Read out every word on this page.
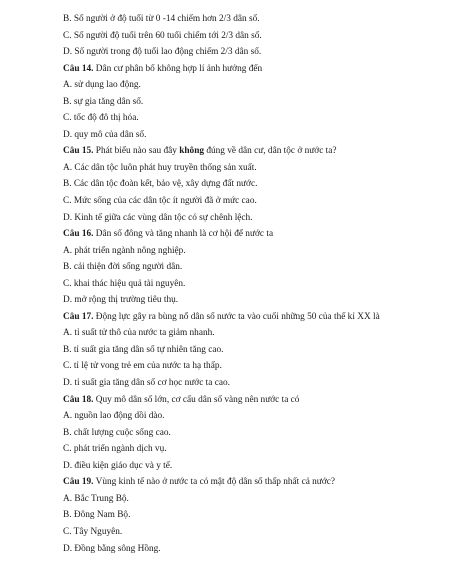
B. Số người ở độ tuổi từ 0 -14 chiếm hơn 2/3 dân số.
C. Số người độ tuổi trên 60 tuổi chiếm tới 2/3 dân số.
D. Số người trong độ tuổi lao động chiếm 2/3 dân số.
Câu 14. Dân cư phân bố không hợp lí ảnh hưởng đến
A. sử dụng lao động.
B. sự gia tăng dân số.
C. tốc độ đô thị hóa.
D. quy mô của dân số.
Câu 15. Phát biểu nào sau đây không đúng về dân cư, dân tộc ở nước ta?
A. Các dân tộc luôn phát huy truyền thống sản xuất.
B. Các dân tộc đoàn kết, bảo vệ, xây dựng đất nước.
C. Mức sống của các dân tộc ít người đã ở mức cao.
D. Kinh tế giữa các vùng dân tộc có sự chênh lệch.
Câu 16. Dân số đông và tăng nhanh là cơ hội để nước ta
A. phát triển ngành nông nghiệp.
B. cải thiện đời sống người dân.
C. khai thác hiệu quả tài nguyên.
D. mở rộng thị trường tiêu thụ.
Câu 17. Động lực gây ra bùng nổ dân số nước ta vào cuối những 50 của thế kỉ XX là
A. tỉ suất tử thô của nước ta giảm nhanh.
B. tỉ suất gia tăng dân số tự nhiên tăng cao.
C. tỉ lệ tử vong trẻ em của nước ta hạ thấp.
D. tỉ suất gia tăng dân số cơ học nước ta cao.
Câu 18. Quy mô dân số lớn, cơ cấu dân số vàng nên nước ta có
A. nguồn lao động dồi dào.
B. chất lượng cuộc sống cao.
C. phát triển ngành dịch vụ.
D. điều kiện giáo dục và y tế.
Câu 19. Vùng kinh tế nào ở nước ta có mật độ dân số thấp nhất cả nước?
A. Bắc Trung Bộ.
B. Đông Nam Bộ.
C. Tây Nguyên.
D. Đồng bằng sông Hồng.
